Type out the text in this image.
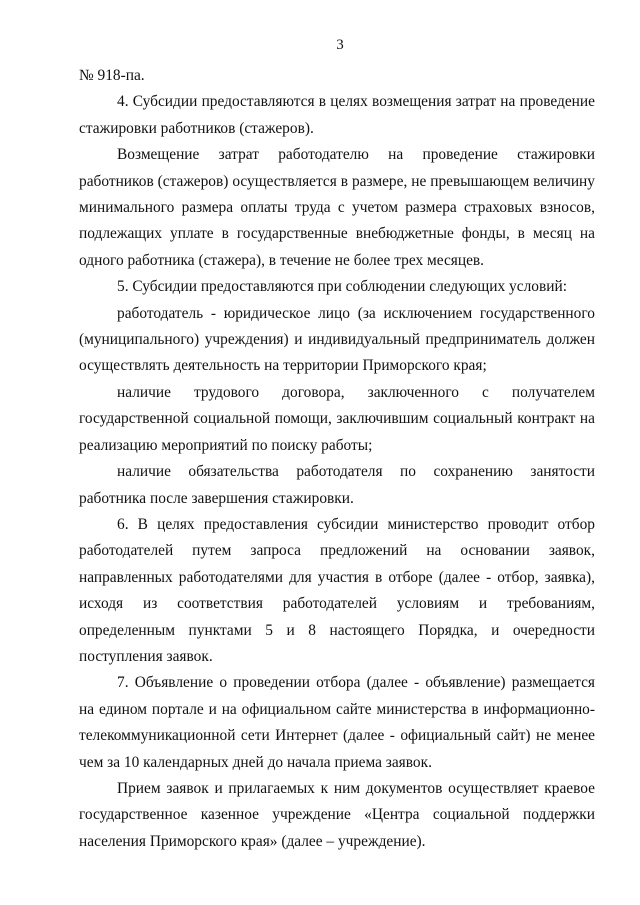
3

№ 918-па.

4. Субсидии предоставляются в целях возмещения затрат на проведение стажировки работников (стажеров).

Возмещение затрат работодателю на проведение стажировки работников (стажеров) осуществляется в размере, не превышающем величину минимального размера оплаты труда с учетом размера страховых взносов, подлежащих уплате в государственные внебюджетные фонды, в месяц на одного работника (стажера), в течение не более трех месяцев.

5. Субсидии предоставляются при соблюдении следующих условий:

работодатель - юридическое лицо (за исключением государственного (муниципального) учреждения) и индивидуальный предприниматель должен осуществлять деятельность на территории Приморского края;

наличие трудового договора, заключенного с получателем государственной социальной помощи, заключившим социальный контракт на реализацию мероприятий по поиску работы;

наличие обязательства работодателя по сохранению занятости работника после завершения стажировки.

6. В целях предоставления субсидии министерство проводит отбор работодателей путем запроса предложений на основании заявок, направленных работодателями для участия в отборе (далее - отбор, заявка), исходя из соответствия работодателей условиям и требованиям, определенным пунктами 5 и 8 настоящего Порядка, и очередности поступления заявок.

7. Объявление о проведении отбора (далее - объявление) размещается на едином портале и на официальном сайте министерства в информационно-телекоммуникационной сети Интернет (далее - официальный сайт) не менее чем за 10 календарных дней до начала приема заявок.

Прием заявок и прилагаемых к ним документов осуществляет краевое государственное казенное учреждение «Центра социальной поддержки населения Приморского края» (далее – учреждение).
